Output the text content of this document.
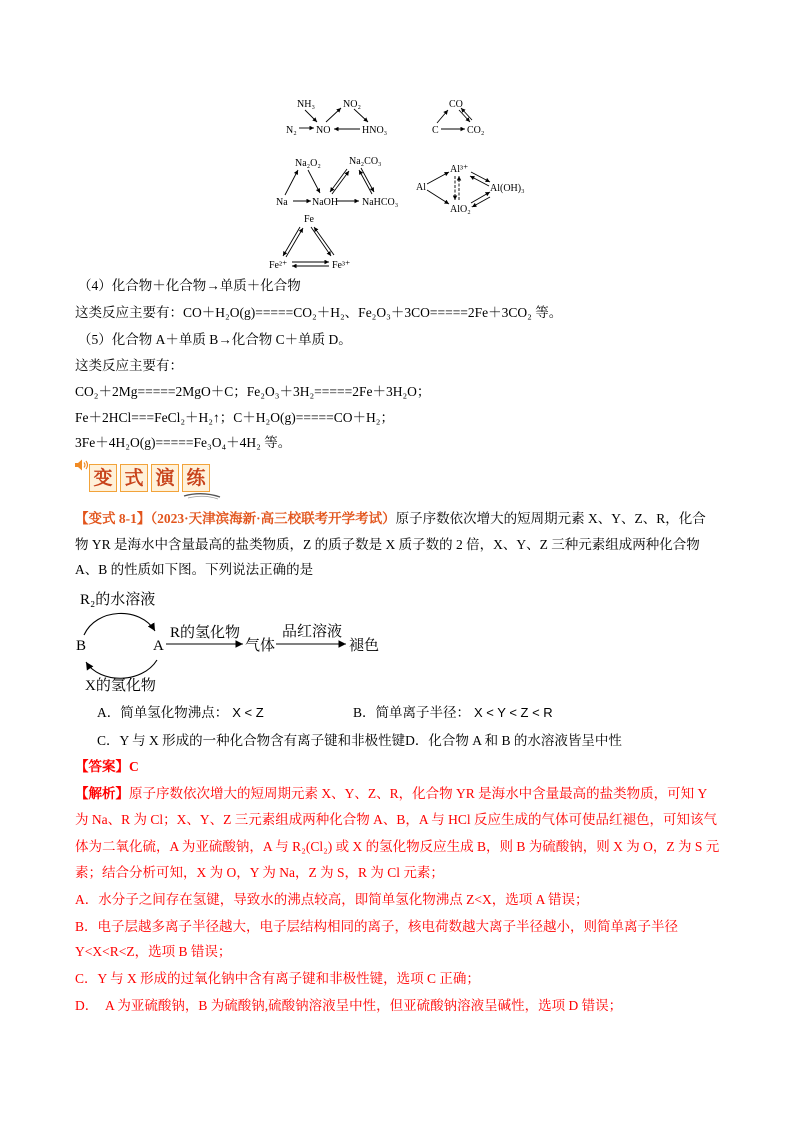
NH₃	NO₂
N₂ NO	HNO₃
CO
C	CO₂
Na₂O₂	Na₂CO₃
Na NaOH NaHCO₃
Al³⁺
Al	Al(OH)₃
AlO₂⁻
Fe
Fe²⁺	Fe³⁺
（4）化合物＋化合物→单质＋化合物
这类反应主要有：CO＋H₂O(g)=====CO₂＋H₂、Fe₂O₃＋3CO=====2Fe＋3CO₂ 等。
（5）化合物 A＋单质 B→化合物 C＋单质 D。
这类反应主要有：
CO₂＋2Mg=====2MgO＋C；Fe₂O₃＋3H₂=====2Fe＋3H₂O；
Fe＋2HCl===FeCl₂＋H₂↑；C＋H₂O(g)=====CO＋H₂；
3Fe＋4H₂O(g)=====Fe₃O₄＋4H₂ 等。
变 式 演 练
【变式 8-1】（2023·天津滨海新·高三校联考开学考试）原子序数依次增大的短周期元素 X、Y、Z、R，化合
物 YR 是海水中含量最高的盐类物质，Z 的质子数是 X 质子数的 2 倍，X、Y、Z 三种元素组成两种化合物
A、B 的性质如下图。下列说法正确的是
R₂的水溶液
B	A
R的氢化物
气体
品红溶液
褪色
X的氢化物
A．简单氢化物沸点： X < Z	B．简单离子半径： X < Y < Z < R
C．Y 与 X 形成的一种化合物含有离子键和非极性键D．化合物 A 和 B 的水溶液皆呈中性
【答案】C
【解析】原子序数依次增大的短周期元素 X、Y、Z、R，化合物 YR 是海水中含量最高的盐类物质，可知 Y
为 Na、R 为 Cl；X、Y、Z 三元素组成两种化合物 A、B，A 与 HCl 反应生成的气体可使品红褪色，可知该气
体为二氧化硫，A 为亚硫酸钠，A 与 R₂(Cl₂) 或 X 的氢化物反应生成 B，则 B 为硫酸钠，则 X 为 O，Z 为 S 元
素；结合分析可知，X 为 O，Y 为 Na，Z 为 S，R 为 Cl 元素；
A．水分子之间存在氢键，导致水的沸点较高，即简单氢化物沸点 Z<X，选项 A 错误；
B．电子层越多离子半径越大，电子层结构相同的离子，核电荷数越大离子半径越小，则简单离子半径
Y<X<R<Z，选项 B 错误；
C．Y 与 X 形成的过氧化钠中含有离子键和非极性键，选项 C 正确；
D．　A 为亚硫酸钠，B 为硫酸钠,硫酸钠溶液呈中性，但亚硫酸钠溶液呈碱性，选项 D 错误；
